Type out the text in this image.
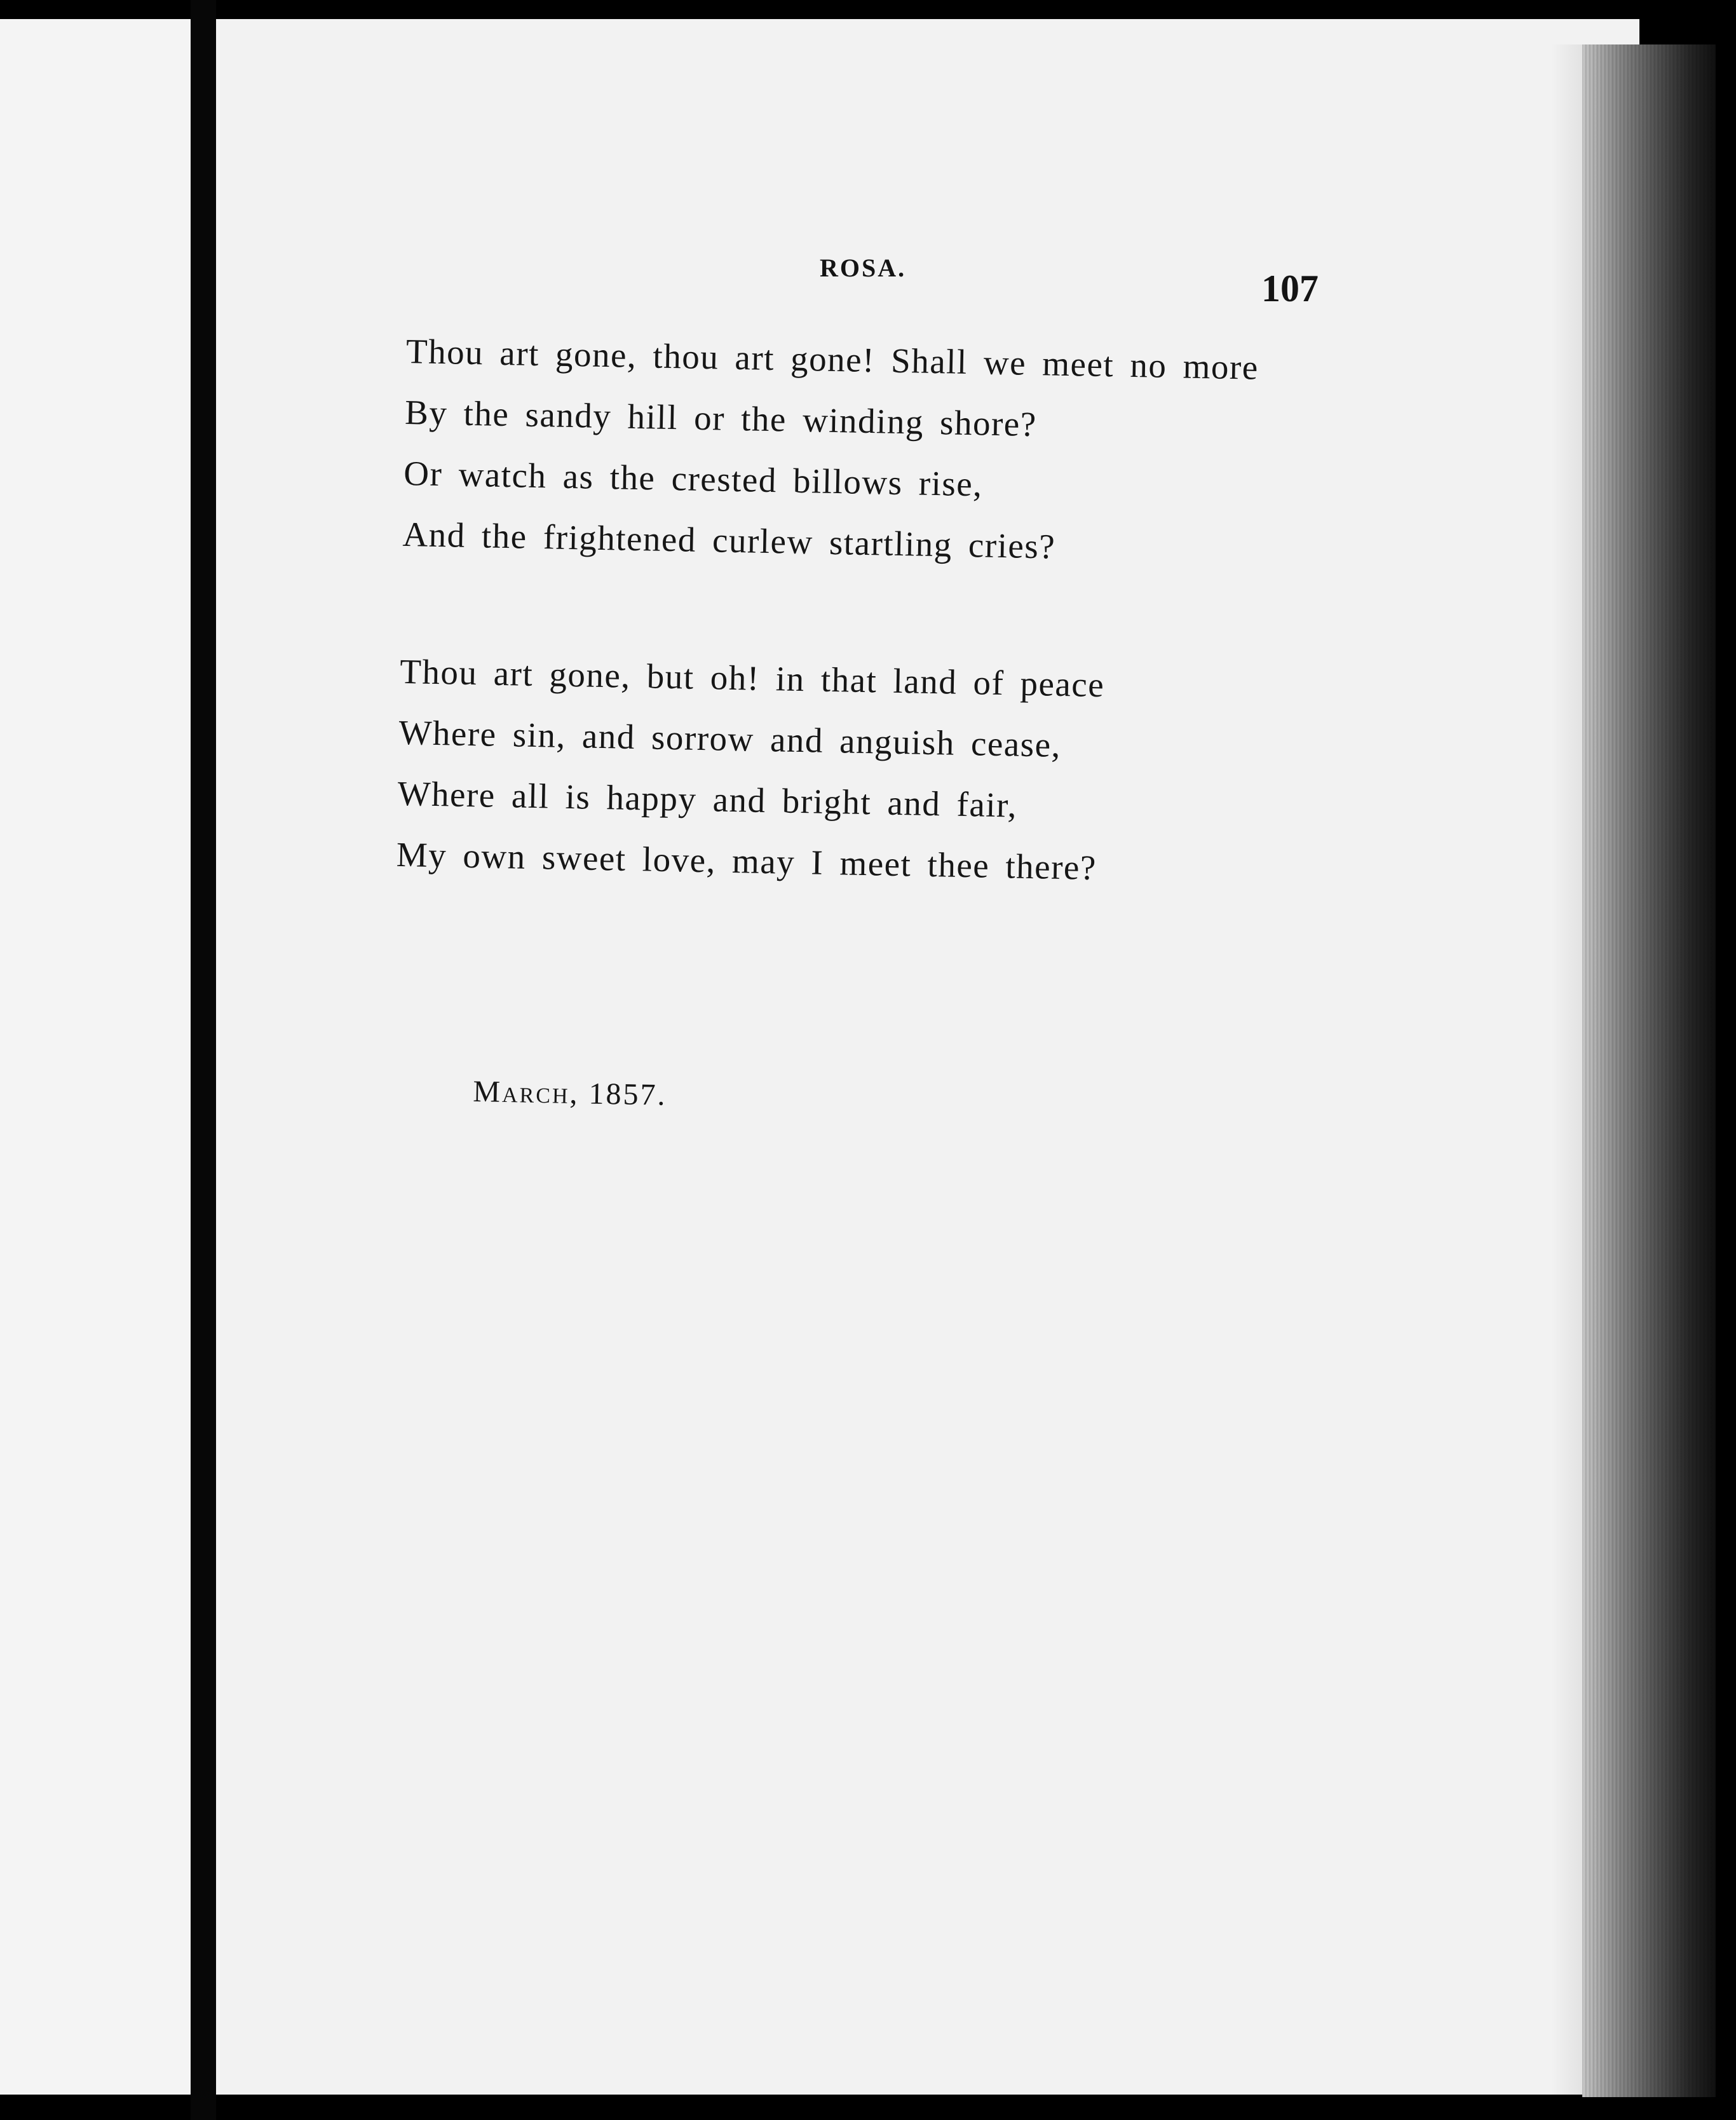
ROSA.	107
Thou art gone, thou art gone! Shall we meet no more
By the sandy hill or the winding shore?
Or watch as the crested billows rise,
And the frightened curlew startling cries?
Thou art gone, but oh! in that land of peace
Where sin, and sorrow and anguish cease,
Where all is happy and bright and fair,
My own sweet love, may I meet thee there?
March, 1857.
